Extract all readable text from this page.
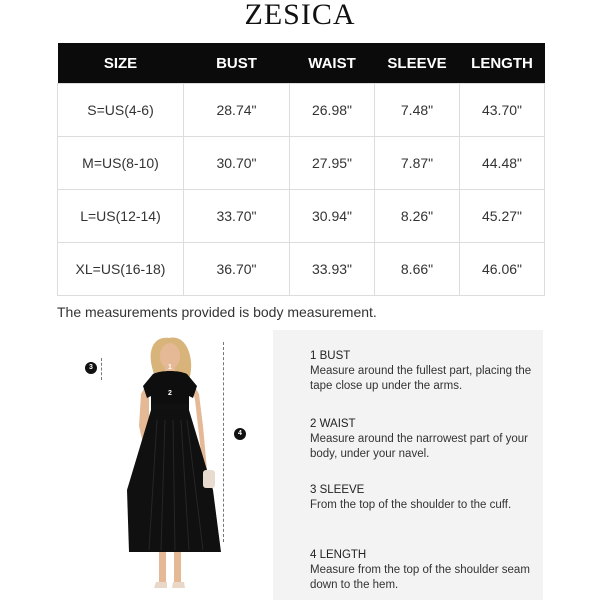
ZESICA
SIZE	BUST	WAIST	SLEEVE	LENGTH
S=US(4-6)	28.74"	26.98"	7.48"	43.70"
M=US(8-10)	30.70"	27.95"	7.87"	44.48"
L=US(12-14)	33.70"	30.94"	8.26"	45.27"
XL=US(16-18)	36.70"	33.93"	8.66"	46.06"
The measurements provided is body measurement.
3
4
1
2
1 BUST
Measure around the fullest part, placing the tape close up under the arms.
2 WAIST
Measure around the narrowest part of your body, under your navel.
3 SLEEVE
From the top of the shoulder to the cuff.
4 LENGTH
Measure from the top of the shoulder seam down to the hem.
